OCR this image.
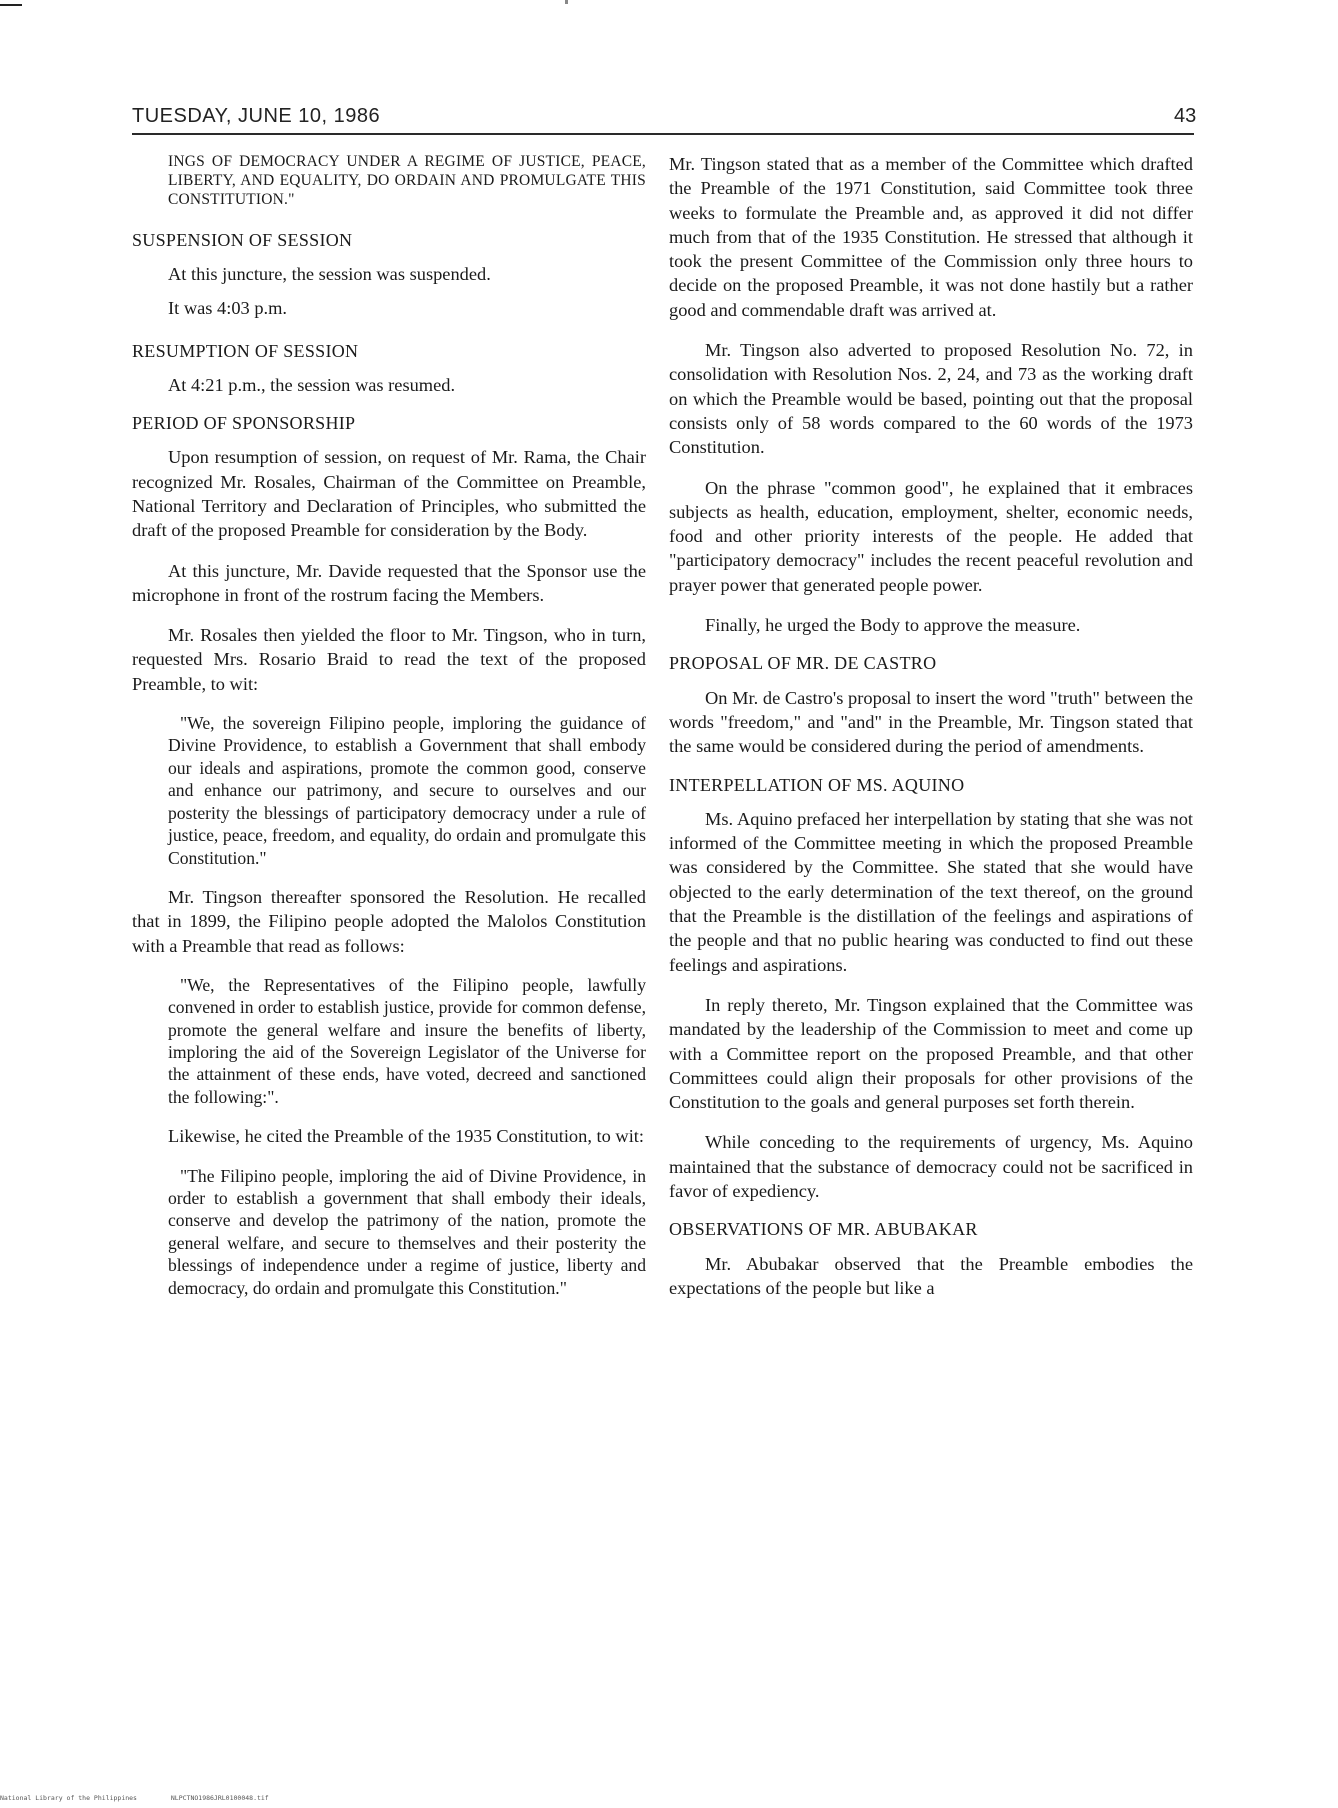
TUESDAY, JUNE 10, 1986	43

INGS OF DEMOCRACY UNDER A REGIME OF JUSTICE, PEACE, LIBERTY, AND EQUALITY, DO ORDAIN AND PROMULGATE THIS CONSTITUTION."

SUSPENSION OF SESSION

At this juncture, the session was suspended.

It was 4:03 p.m.

RESUMPTION OF SESSION

At 4:21 p.m., the session was resumed.

PERIOD OF SPONSORSHIP

Upon resumption of session, on request of Mr. Rama, the Chair recognized Mr. Rosales, Chairman of the Committee on Preamble, National Territory and Declaration of Principles, who submitted the draft of the proposed Preamble for consideration by the Body.

At this juncture, Mr. Davide requested that the Sponsor use the microphone in front of the rostrum facing the Members.

Mr. Rosales then yielded the floor to Mr. Tingson, who in turn, requested Mrs. Rosario Braid to read the text of the proposed Preamble, to wit:

"We, the sovereign Filipino people, imploring the guidance of Divine Providence, to establish a Government that shall embody our ideals and aspirations, promote the common good, conserve and enhance our patrimony, and secure to ourselves and our posterity the blessings of participatory democracy under a rule of justice, peace, freedom, and equality, do ordain and promulgate this Constitution."

Mr. Tingson thereafter sponsored the Resolution. He recalled that in 1899, the Filipino people adopted the Malolos Constitution with a Preamble that read as follows:

"We, the Representatives of the Filipino people, lawfully convened in order to establish justice, provide for common defense, promote the general welfare and insure the benefits of liberty, imploring the aid of the Sovereign Legislator of the Universe for the attainment of these ends, have voted, decreed and sanctioned the following:".

Likewise, he cited the Preamble of the 1935 Constitution, to wit:

"The Filipino people, imploring the aid of Divine Providence, in order to establish a government that shall embody their ideals, conserve and develop the patrimony of the nation, promote the general welfare, and secure to themselves and their posterity the blessings of independence under a regime of justice, liberty and democracy, do ordain and promulgate this Constitution."

Mr. Tingson stated that as a member of the Committee which drafted the Preamble of the 1971 Constitution, said Committee took three weeks to formulate the Preamble and, as approved it did not differ much from that of the 1935 Constitution. He stressed that although it took the present Committee of the Commission only three hours to decide on the proposed Preamble, it was not done hastily but a rather good and commendable draft was arrived at.

Mr. Tingson also adverted to proposed Resolution No. 72, in consolidation with Resolution Nos. 2, 24, and 73 as the working draft on which the Preamble would be based, pointing out that the proposal consists only of 58 words compared to the 60 words of the 1973 Constitution.

On the phrase "common good", he explained that it embraces subjects as health, education, employment, shelter, economic needs, food and other priority interests of the people. He added that "participatory democracy" includes the recent peaceful revolution and prayer power that generated people power.

Finally, he urged the Body to approve the measure.

PROPOSAL OF MR. DE CASTRO

On Mr. de Castro's proposal to insert the word "truth" between the words "freedom," and "and" in the Preamble, Mr. Tingson stated that the same would be considered during the period of amendments.

INTERPELLATION OF MS. AQUINO

Ms. Aquino prefaced her interpellation by stating that she was not informed of the Committee meeting in which the proposed Preamble was considered by the Committee. She stated that she would have objected to the early determination of the text thereof, on the ground that the Preamble is the distillation of the feelings and aspirations of the people and that no public hearing was conducted to find out these feelings and aspirations.

In reply thereto, Mr. Tingson explained that the Committee was mandated by the leadership of the Commission to meet and come up with a Committee report on the proposed Preamble, and that other Committees could align their proposals for other provisions of the Constitution to the goals and general purposes set forth therein.

While conceding to the requirements of urgency, Ms. Aquino maintained that the substance of democracy could not be sacrificed in favor of expediency.

OBSERVATIONS OF MR. ABUBAKAR

Mr. Abubakar observed that the Preamble embodies the expectations of the people but like a

National Library of the Philippines	NLPCTNO1986JRL0100048.tif
